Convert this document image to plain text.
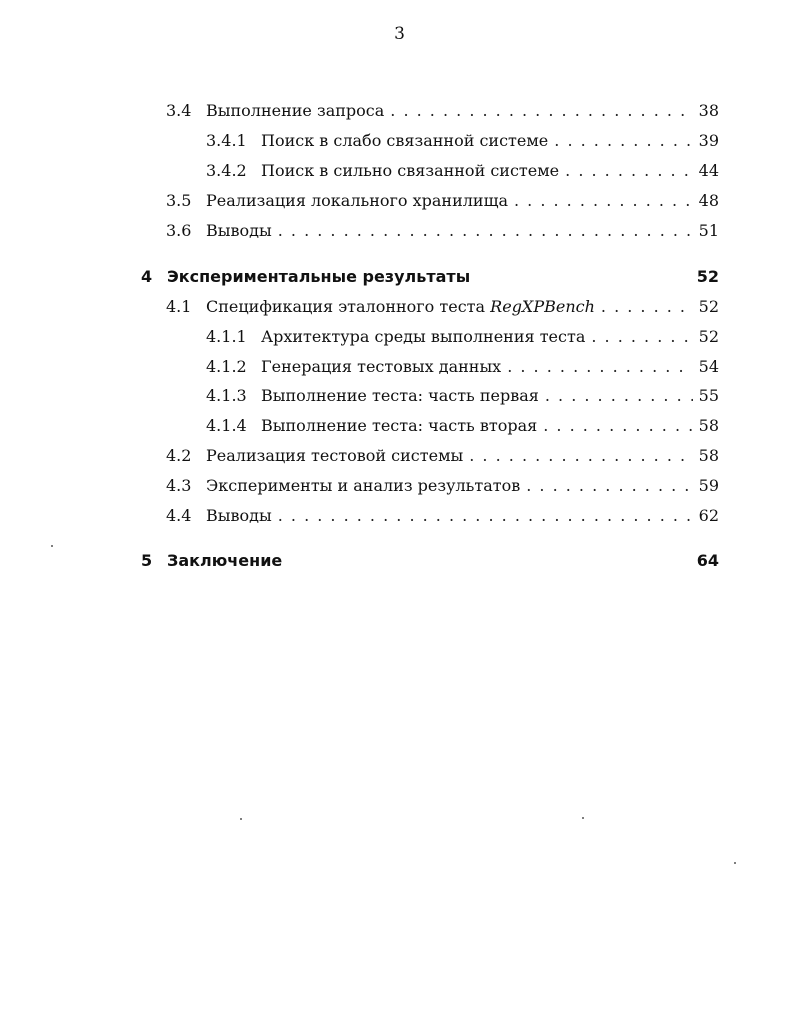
3
3.4 Выполнение запроса . . .	38
3.4.1 Поиск в слабо связанной системе . . .	39
3.4.2 Поиск в сильно связанной системе . . .	44
3.5 Реализация локального хранилища . . .	48
3.6 Выводы . . .	51
4 Экспериментальные результаты	52
4.1 Спецификация эталонного теста RegXPBench . . .	52
4.1.1 Архитектура среды выполнения теста . . .	52
4.1.2 Генерация тестовых данных . . .	54
4.1.3 Выполнение теста: часть первая . . .	55
4.1.4 Выполнение теста: часть вторая . . .	58
4.2 Реализация тестовой системы . . .	58
4.3 Эксперименты и анализ результатов . . .	59
4.4 Выводы . . .	62
5 Заключение	64
